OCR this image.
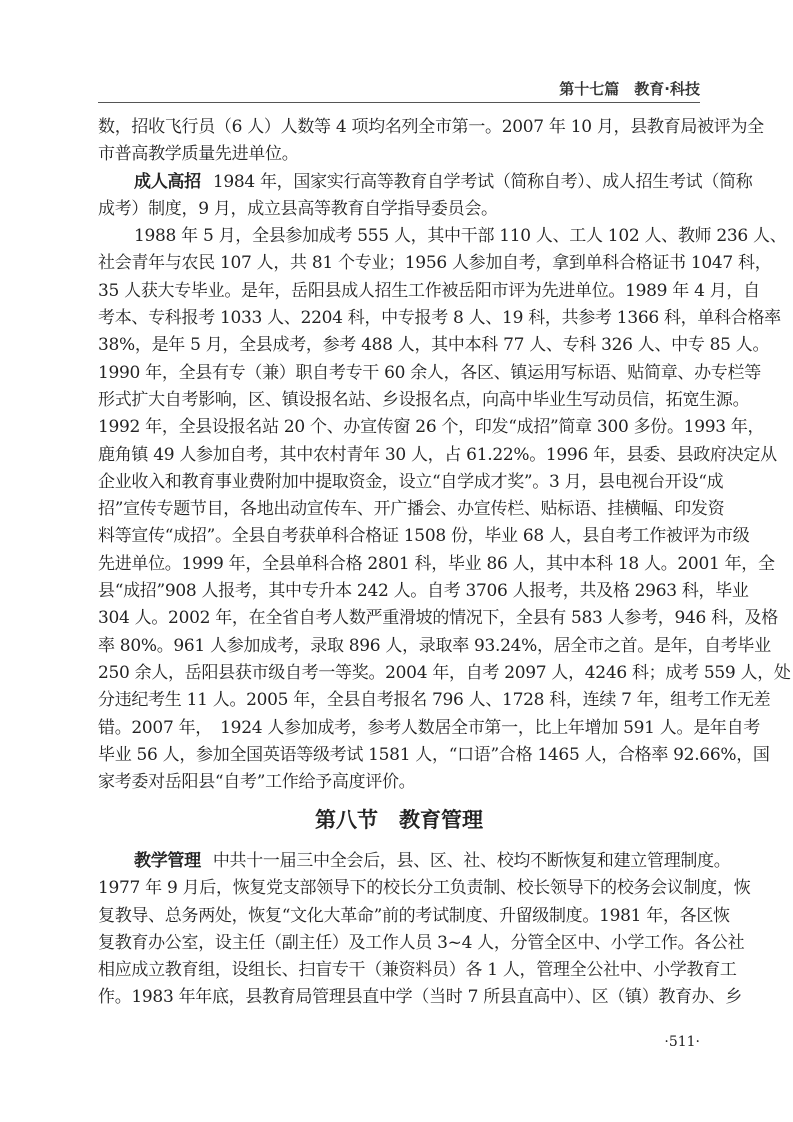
第十七篇　教育·科技
数，招收飞行员（6 人）人数等 4 项均名列全市第一。2007 年 10 月，县教育局被评为全
市普高教学质量先进单位。
成人高招 1984 年，国家实行高等教育自学考试（简称自考）、成人招生考试（简称
成考）制度，9 月，成立县高等教育自学指导委员会。
1988 年 5 月，全县参加成考 555 人，其中干部 110 人、工人 102 人、教师 236 人、
社会青年与农民 107 人，共 81 个专业；1956 人参加自考，拿到单科合格证书 1047 科，
35 人获大专毕业。是年，岳阳县成人招生工作被岳阳市评为先进单位。1989 年 4 月，自
考本、专科报考 1033 人、2204 科，中专报考 8 人、19 科，共参考 1366 科，单科合格率
38%，是年 5 月，全县成考，参考 488 人，其中本科 77 人、专科 326 人、中专 85 人。
1990 年，全县有专（兼）职自考专干 60 余人，各区、镇运用写标语、贴简章、办专栏等
形式扩大自考影响，区、镇设报名站、乡设报名点，向高中毕业生写动员信，拓宽生源。
1992 年，全县设报名站 20 个、办宣传窗 26 个，印发“成招”简章 300 多份。1993 年，
鹿角镇 49 人参加自考，其中农村青年 30 人，占 61.22%。1996 年，县委、县政府决定从
企业收入和教育事业费附加中提取资金，设立“自学成才奖”。3 月，县电视台开设“成
招”宣传专题节目，各地出动宣传车、开广播会、办宣传栏、贴标语、挂横幅、印发资
料等宣传“成招”。全县自考获单科合格证 1508 份，毕业 68 人，县自考工作被评为市级
先进单位。1999 年，全县单科合格 2801 科，毕业 86 人，其中本科 18 人。2001 年，全
县“成招”908 人报考，其中专升本 242 人。自考 3706 人报考，共及格 2963 科，毕业
304 人。2002 年，在全省自考人数严重滑坡的情况下，全县有 583 人参考，946 科，及格
率 80%。961 人参加成考，录取 896 人，录取率 93.24%，居全市之首。是年，自考毕业
250 余人，岳阳县获市级自考一等奖。2004 年，自考 2097 人，4246 科；成考 559 人，处
分违纪考生 11 人。2005 年，全县自考报名 796 人、1728 科，连续 7 年，组考工作无差
错。2007 年，　1924 人参加成考，参考人数居全市第一，比上年增加 591 人。是年自考
毕业 56 人，参加全国英语等级考试 1581 人，“口语”合格 1465 人，合格率 92.66%，国
家考委对岳阳县“自考”工作给予高度评价。
第八节　教育管理
教学管理 中共十一届三中全会后，县、区、社、校均不断恢复和建立管理制度。
1977 年 9 月后，恢复党支部领导下的校长分工负责制、校长领导下的校务会议制度，恢
复教导、总务两处，恢复“文化大革命”前的考试制度、升留级制度。1981 年，各区恢
复教育办公室，设主任（副主任）及工作人员 3~4 人，分管全区中、小学工作。各公社
相应成立教育组，设组长、扫盲专干（兼资料员）各 1 人，管理全公社中、小学教育工
作。1983 年年底，县教育局管理县直中学（当时 7 所县直高中）、区（镇）教育办、乡
·511·
